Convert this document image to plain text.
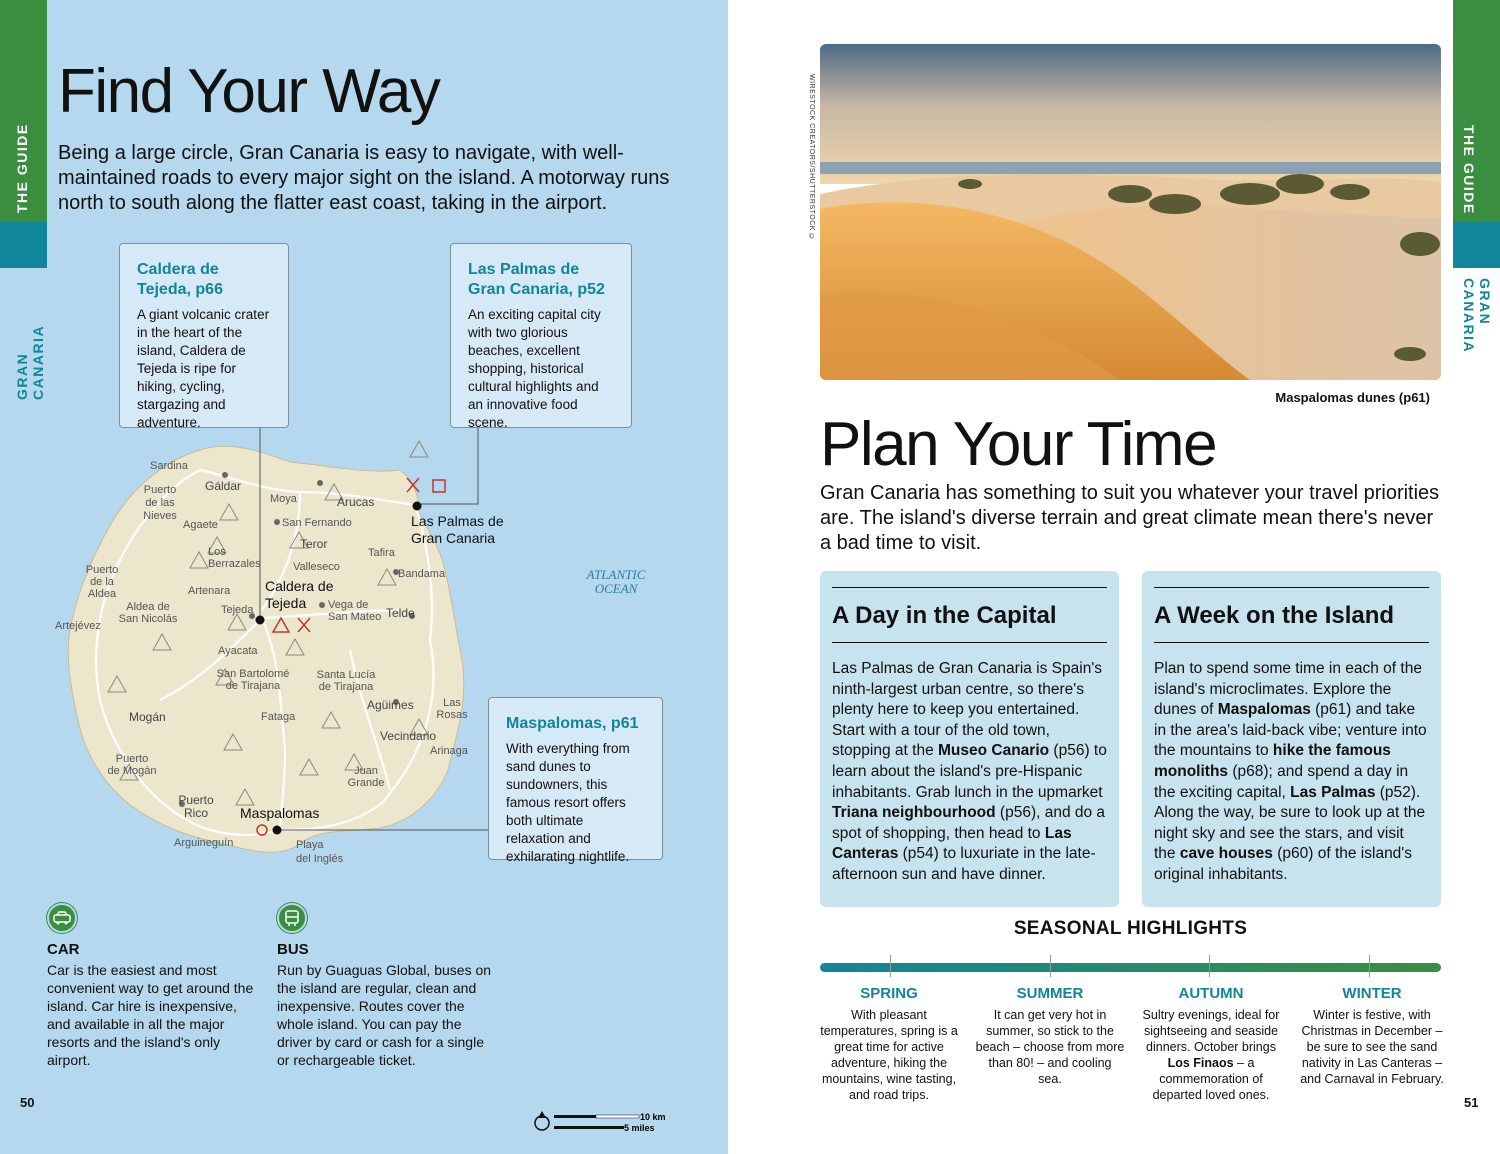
THE GUIDE
GRAN CANARIA
Find Your Way

Being a large circle, Gran Canaria is easy to navigate, with well-maintained roads to every major sight on the island. A motorway runs north to south along the flatter east coast, taking in the airport.

Sardina
Gáldar
Puerto de las Nieves
Agaete
Moya	Arucas
San Fernando
Teror
Los Berrazales	Valleseco
Tafira
Bandama
Puerto de la Aldea	Artenara
Aldea de San Nicolás
Tejeda	Vega de San Mateo Telde
Artejévez
Ayacata
San Bartolomé de Tirajana
Santa Lucía de Tirajana
Agüimes	Las Rosas
Mogán	Fataga
Vecindario
Arinaga
Puerto de Mogán	Juan Grande
Puerto Rico
Arguineguín	Playa del Inglés
Las Palmas de Gran Canaria
Caldera de Tejeda
Maspalomas
ATLANTIC OCEAN
Caldera de Tejeda, p66
A giant volcanic crater in the heart of the island, Caldera de Tejeda is ripe for hiking, cycling, stargazing and adventure.
Las Palmas de Gran Canaria, p52
An exciting capital city with two glorious beaches, excellent shopping, historical cultural highlights and an innovative food scene.
Maspalomas, p61
With everything from sand dunes to sundowners, this famous resort offers both ultimate relaxation and exhilarating nightlife.
CAR
Car is the easiest and most convenient way to get around the island. Car hire is inexpensive, and available in all the major resorts and the island's only airport.
BUS
Run by Guaguas Global, buses on the island are regular, clean and inexpensive. Routes cover the whole island. You can pay the driver by card or cash for a single or rechargeable ticket.
10 km
5 miles
50
THE GUIDE
GRAN CANARIA
WIRESTOCK CREATORS/SHUTTERSTOCK ©
Maspalomas dunes (p61)
Plan Your Time

Gran Canaria has something to suit you whatever your travel priorities are. The island's diverse terrain and great climate mean there's never a bad time to visit.

A Day in the Capital
Las Palmas de Gran Canaria is Spain's ninth-largest urban centre, so there's plenty here to keep you entertained. Start with a tour of the old town, stopping at the Museo Canario (p56) to learn about the island's pre-Hispanic inhabitants. Grab lunch in the upmarket Triana neighbourhood (p56), and do a spot of shopping, then head to Las Canteras (p54) to luxuriate in the late-afternoon sun and have dinner.
A Week on the Island
Plan to spend some time in each of the island's microclimates. Explore the dunes of Maspalomas (p61) and take in the area's laid-back vibe; venture into the mountains to hike the famous monoliths (p68); and spend a day in the exciting capital, Las Palmas (p52). Along the way, be sure to look up at the night sky and see the stars, and visit the cave houses (p60) of the island's original inhabitants.
SEASONAL HIGHLIGHTS
SPRING
With pleasant temperatures, spring is a great time for active adventure, hiking the mountains, wine tasting, and road trips.
SUMMER
It can get very hot in summer, so stick to the beach – choose from more than 80! – and cooling sea.
AUTUMN
Sultry evenings, ideal for sightseeing and seaside dinners. October brings Los Finaos – a commemoration of departed loved ones.
WINTER
Winter is festive, with Christmas in December – be sure to see the sand nativity in Las Canteras – and Carnaval in February.
51
